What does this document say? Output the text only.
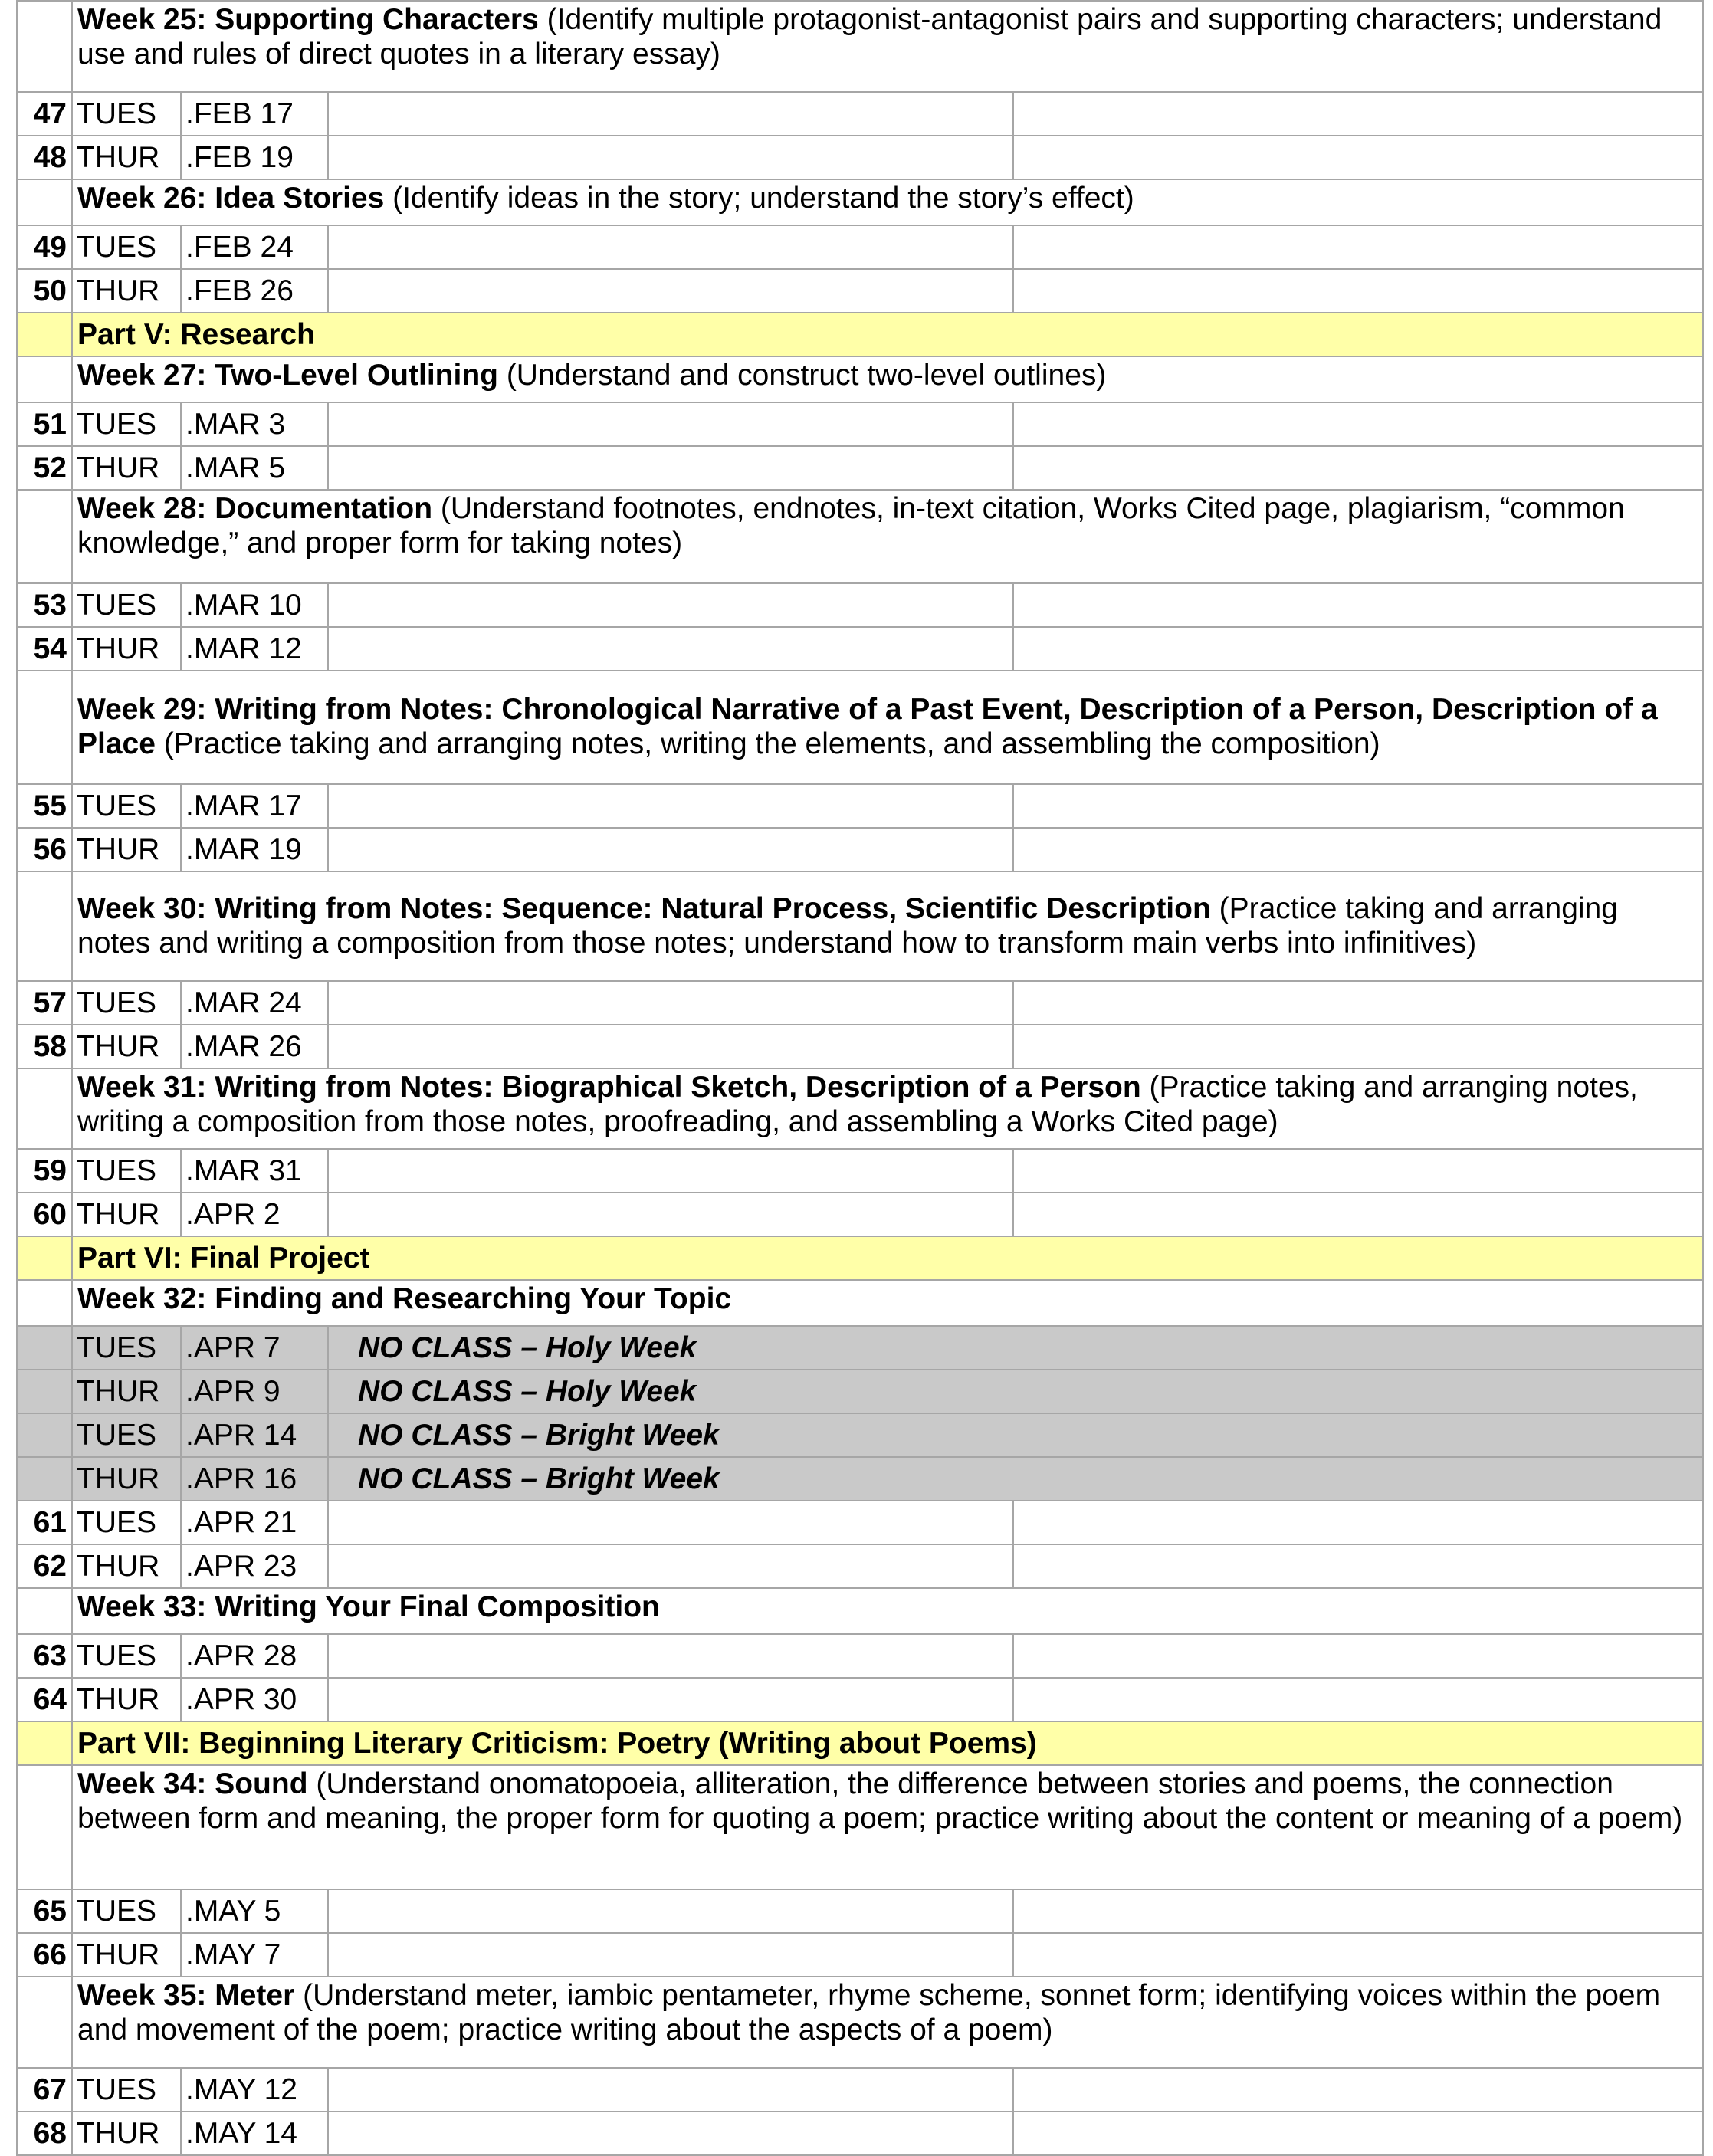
	Week 25: Supporting Characters (Identify multiple protagonist-antagonist pairs and supporting characters; understand use and rules of direct quotes in a literary essay)			
47	TUES	.FEB 17		
48	THUR	.FEB 19		
	Week 26: Idea Stories (Identify ideas in the story; understand the story’s effect)			
49	TUES	.FEB 24		
50	THUR	.FEB 26		
	Part V: Research			
	Week 27: Two-Level Outlining (Understand and construct two-level outlines)			
51	TUES	.MAR 3		
52	THUR	.MAR 5		
	Week 28: Documentation (Understand footnotes, endnotes, in-text citation, Works Cited page, plagiarism, “common knowledge,” and proper form for taking notes)			
53	TUES	.MAR 10		
54	THUR	.MAR 12		
	Week 29: Writing from Notes: Chronological Narrative of a Past Event, Description of a Person, Description of a Place (Practice taking and arranging notes, writing the elements, and assembling the composition)			
55	TUES	.MAR 17		
56	THUR	.MAR 19		
	Week 30: Writing from Notes: Sequence: Natural Process, Scientific Description (Practice taking and arranging notes and writing a composition from those notes; understand how to transform main verbs into infinitives)			
57	TUES	.MAR 24		
58	THUR	.MAR 26		
	Week 31: Writing from Notes: Biographical Sketch, Description of a Person (Practice taking and arranging notes, writing a composition from those notes, proofreading, and assembling a Works Cited page)			
59	TUES	.MAR 31		
60	THUR	.APR 2		
	Part VI: Final Project			
	Week 32: Finding and Researching Your Topic			
	TUES	.APR 7	NO CLASS – Holy Week	
	THUR	.APR 9	NO CLASS – Holy Week	
	TUES	.APR 14	NO CLASS – Bright Week	
	THUR	.APR 16	NO CLASS – Bright Week	
61	TUES	.APR 21		
62	THUR	.APR 23		
	Week 33: Writing Your Final Composition			
63	TUES	.APR 28		
64	THUR	.APR 30		
	Part VII: Beginning Literary Criticism: Poetry (Writing about Poems)			
	Week 34: Sound (Understand onomatopoeia, alliteration, the difference between stories and poems, the connection between form and meaning, the proper form for quoting a poem; practice writing about the content or meaning of a poem)			
65	TUES	.MAY 5		
66	THUR	.MAY 7		
	Week 35: Meter (Understand meter, iambic pentameter, rhyme scheme, sonnet form; identifying voices within the poem and movement of the poem; practice writing about the aspects of a poem)			
67	TUES	.MAY 12		
68	THUR	.MAY 14		
